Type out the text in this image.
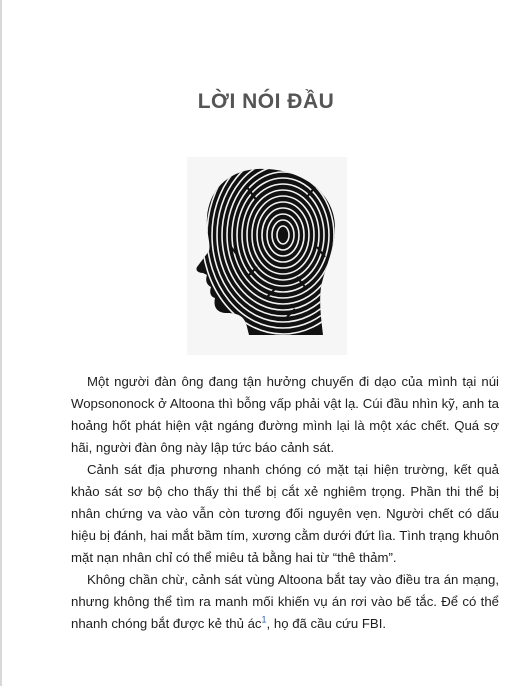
LỜI NÓI ĐẦU

Một người đàn ông đang tận hưởng chuyến đi dạo của mình tại núi Wopsononock ở Altoona thì bỗng vấp phải vật lạ. Cúi đầu nhìn kỹ, anh ta hoảng hốt phát hiện vật ngáng đường mình lại là một xác chết. Quá sợ hãi, người đàn ông này lập tức báo cảnh sát.

Cảnh sát địa phương nhanh chóng có mặt tại hiện trường, kết quả khảo sát sơ bộ cho thấy thi thể bị cắt xẻ nghiêm trọng. Phần thi thể bị nhân chứng va vào vẫn còn tương đối nguyên vẹn. Người chết có dấu hiệu bị đánh, hai mắt bầm tím, xương cằm dưới đứt lìa. Tình trạng khuôn mặt nạn nhân chỉ có thể miêu tả bằng hai từ “thê thảm”.

Không chần chừ, cảnh sát vùng Altoona bắt tay vào điều tra án mạng, nhưng không thể tìm ra manh mối khiến vụ án rơi vào bế tắc. Để có thể nhanh chóng bắt được kẻ thủ ác$^1$, họ đã cầu cứu FBI.
